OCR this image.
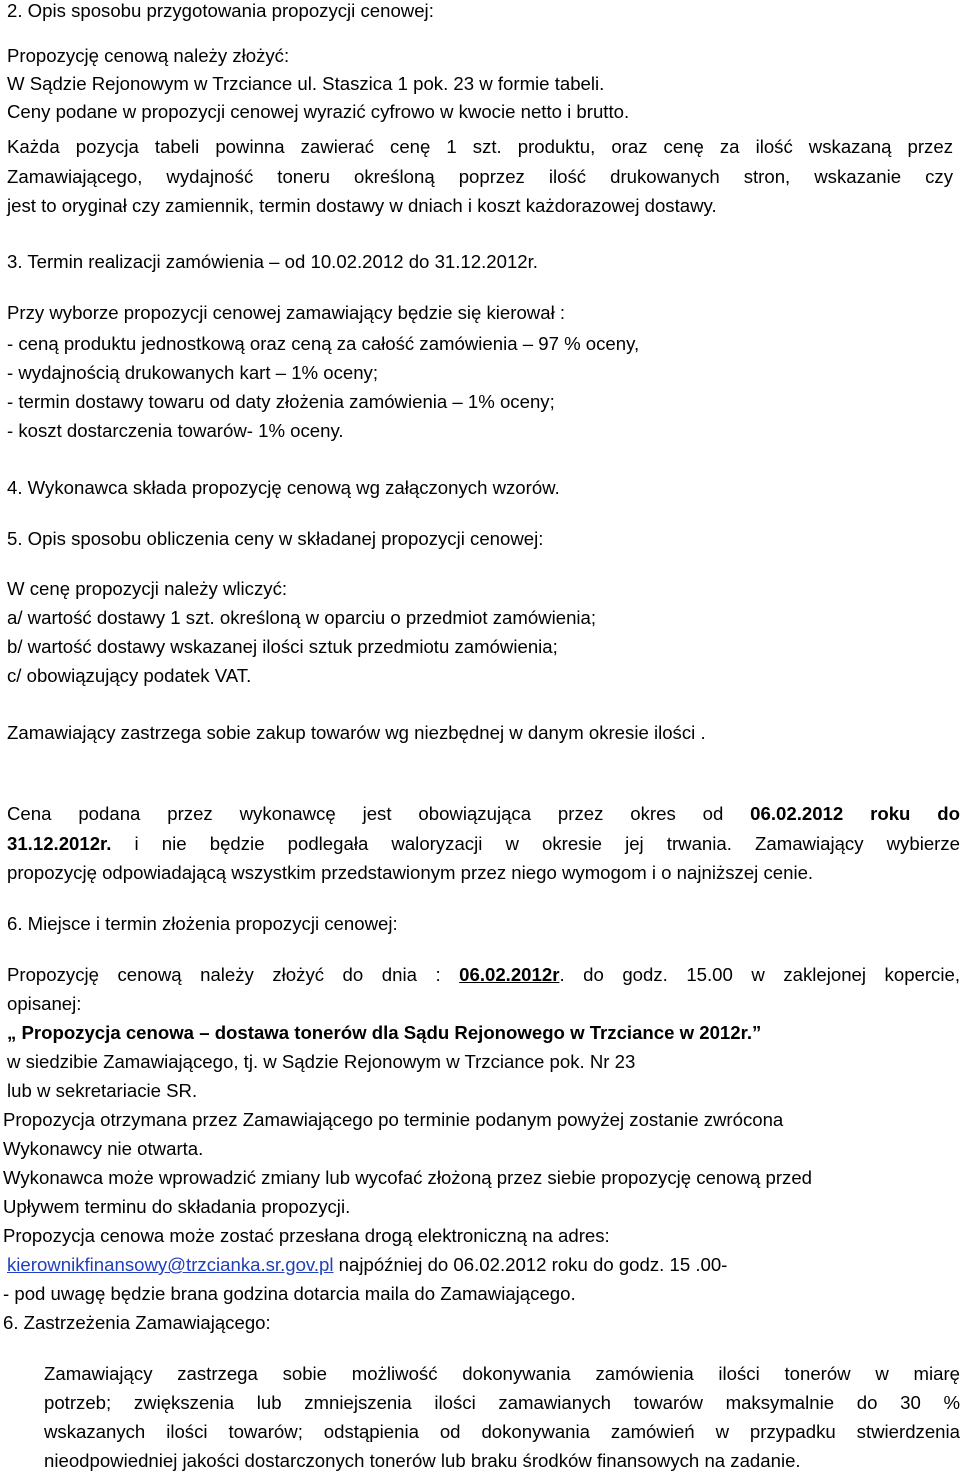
2. Opis sposobu przygotowania propozycji cenowej:
Propozycję cenową należy złożyć:
W Sądzie Rejonowym w Trzciance ul. Staszica 1 pok. 23 w formie tabeli.
Ceny podane w propozycji cenowej wyrazić cyfrowo w kwocie netto i brutto.
Każda pozycja tabeli powinna zawierać cenę 1 szt. produktu, oraz cenę za ilość wskazaną przez
Zamawiającego, wydajność toneru określoną poprzez ilość drukowanych stron, wskazanie czy
jest to oryginał czy zamiennik, termin dostawy w dniach i koszt każdorazowej dostawy.
3. Termin realizacji zamówienia – od 10.02.2012 do 31.12.2012r.
Przy wyborze propozycji cenowej zamawiający będzie się kierował :
- ceną produktu jednostkową oraz ceną za całość zamówienia – 97 % oceny,
- wydajnością drukowanych kart – 1% oceny;
- termin dostawy towaru od daty złożenia zamówienia – 1% oceny;
- koszt dostarczenia towarów- 1% oceny.
4. Wykonawca składa propozycję cenową wg załączonych wzorów.
5. Opis sposobu obliczenia ceny w składanej propozycji cenowej:
W cenę propozycji należy wliczyć:
a/ wartość dostawy 1 szt. określoną w oparciu o przedmiot zamówienia;
b/ wartość dostawy wskazanej ilości sztuk przedmiotu zamówienia;
c/ obowiązujący podatek VAT.
Zamawiający zastrzega sobie zakup towarów wg niezbędnej w danym okresie ilości .
Cena podana przez wykonawcę jest obowiązująca przez okres od 06.02.2012 roku do
31.12.2012r. i nie będzie podlegała waloryzacji w okresie jej trwania. Zamawiający wybierze
propozycję odpowiadającą wszystkim przedstawionym przez niego wymogom i o najniższej cenie.
6. Miejsce i termin złożenia propozycji cenowej:
Propozycję cenową należy złożyć do dnia : 06.02.2012r. do godz. 15.00 w zaklejonej kopercie,
opisanej:
„ Propozycja cenowa – dostawa tonerów dla Sądu Rejonowego w Trzciance w 2012r.”
w siedzibie Zamawiającego, tj. w Sądzie Rejonowym w Trzciance pok. Nr 23
lub w sekretariacie SR.
Propozycja otrzymana przez Zamawiającego po terminie podanym powyżej zostanie zwrócona
Wykonawcy nie otwarta.
Wykonawca może wprowadzić zmiany lub wycofać złożoną przez siebie propozycję cenową przed
Upływem terminu do składania propozycji.
Propozycja cenowa może zostać przesłana drogą elektroniczną na adres:
kierownikfinansowy@trzcianka.sr.gov.pl najpóźniej do 06.02.2012 roku do godz. 15 .00-
- pod uwagę będzie brana godzina dotarcia maila do Zamawiającego.
6. Zastrzeżenia Zamawiającego:
Zamawiający zastrzega sobie możliwość dokonywania zamówienia ilości tonerów w miarę
potrzeb; zwiększenia lub zmniejszenia ilości zamawianych towarów maksymalnie do 30 %
wskazanych ilości towarów; odstąpienia od dokonywania zamówień w przypadku stwierdzenia
nieodpowiedniej jakości dostarczonych tonerów lub braku środków finansowych na zadanie.
